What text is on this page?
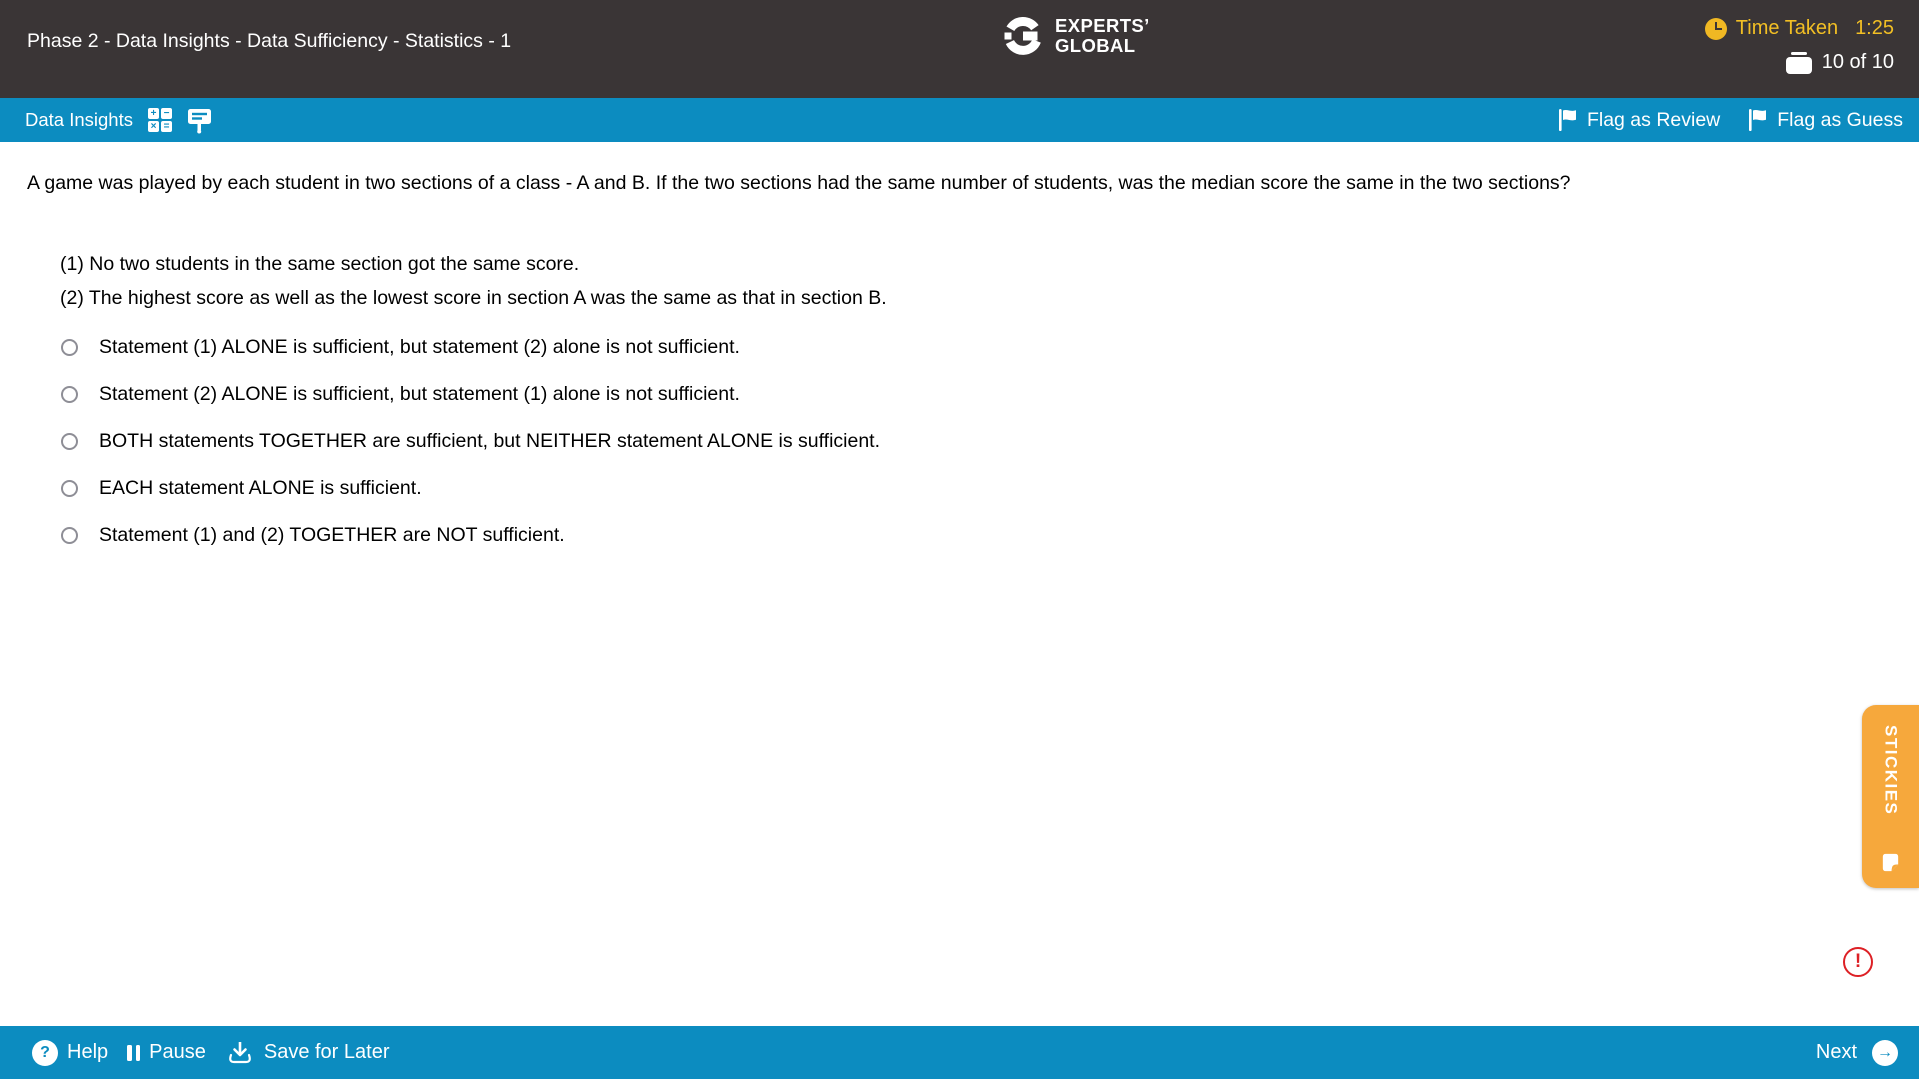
Phase 2 - Data Insights - Data Sufficiency - Statistics - 1
EXPERTS’
GLOBAL
Time Taken 1:25
10 of 10
Data Insights + −
× =	Flag as Review	Flag as Guess
A game was played by each student in two sections of a class - A and B. If the two sections had the same number of students, was the median score the same in the two sections?
(1) No two students in the same section got the same score.
(2) The highest score as well as the lowest score in section A was the same as that in section B.
Statement (1) ALONE is sufficient, but statement (2) alone is not sufficient.
Statement (2) ALONE is sufficient, but statement (1) alone is not sufficient.
BOTH statements TOGETHER are sufficient, but NEITHER statement ALONE is sufficient.
EACH statement ALONE is sufficient.
Statement (1) and (2) TOGETHER are NOT sufficient.
STICKIES
!
? Help Pause	Save for Later	Next →
